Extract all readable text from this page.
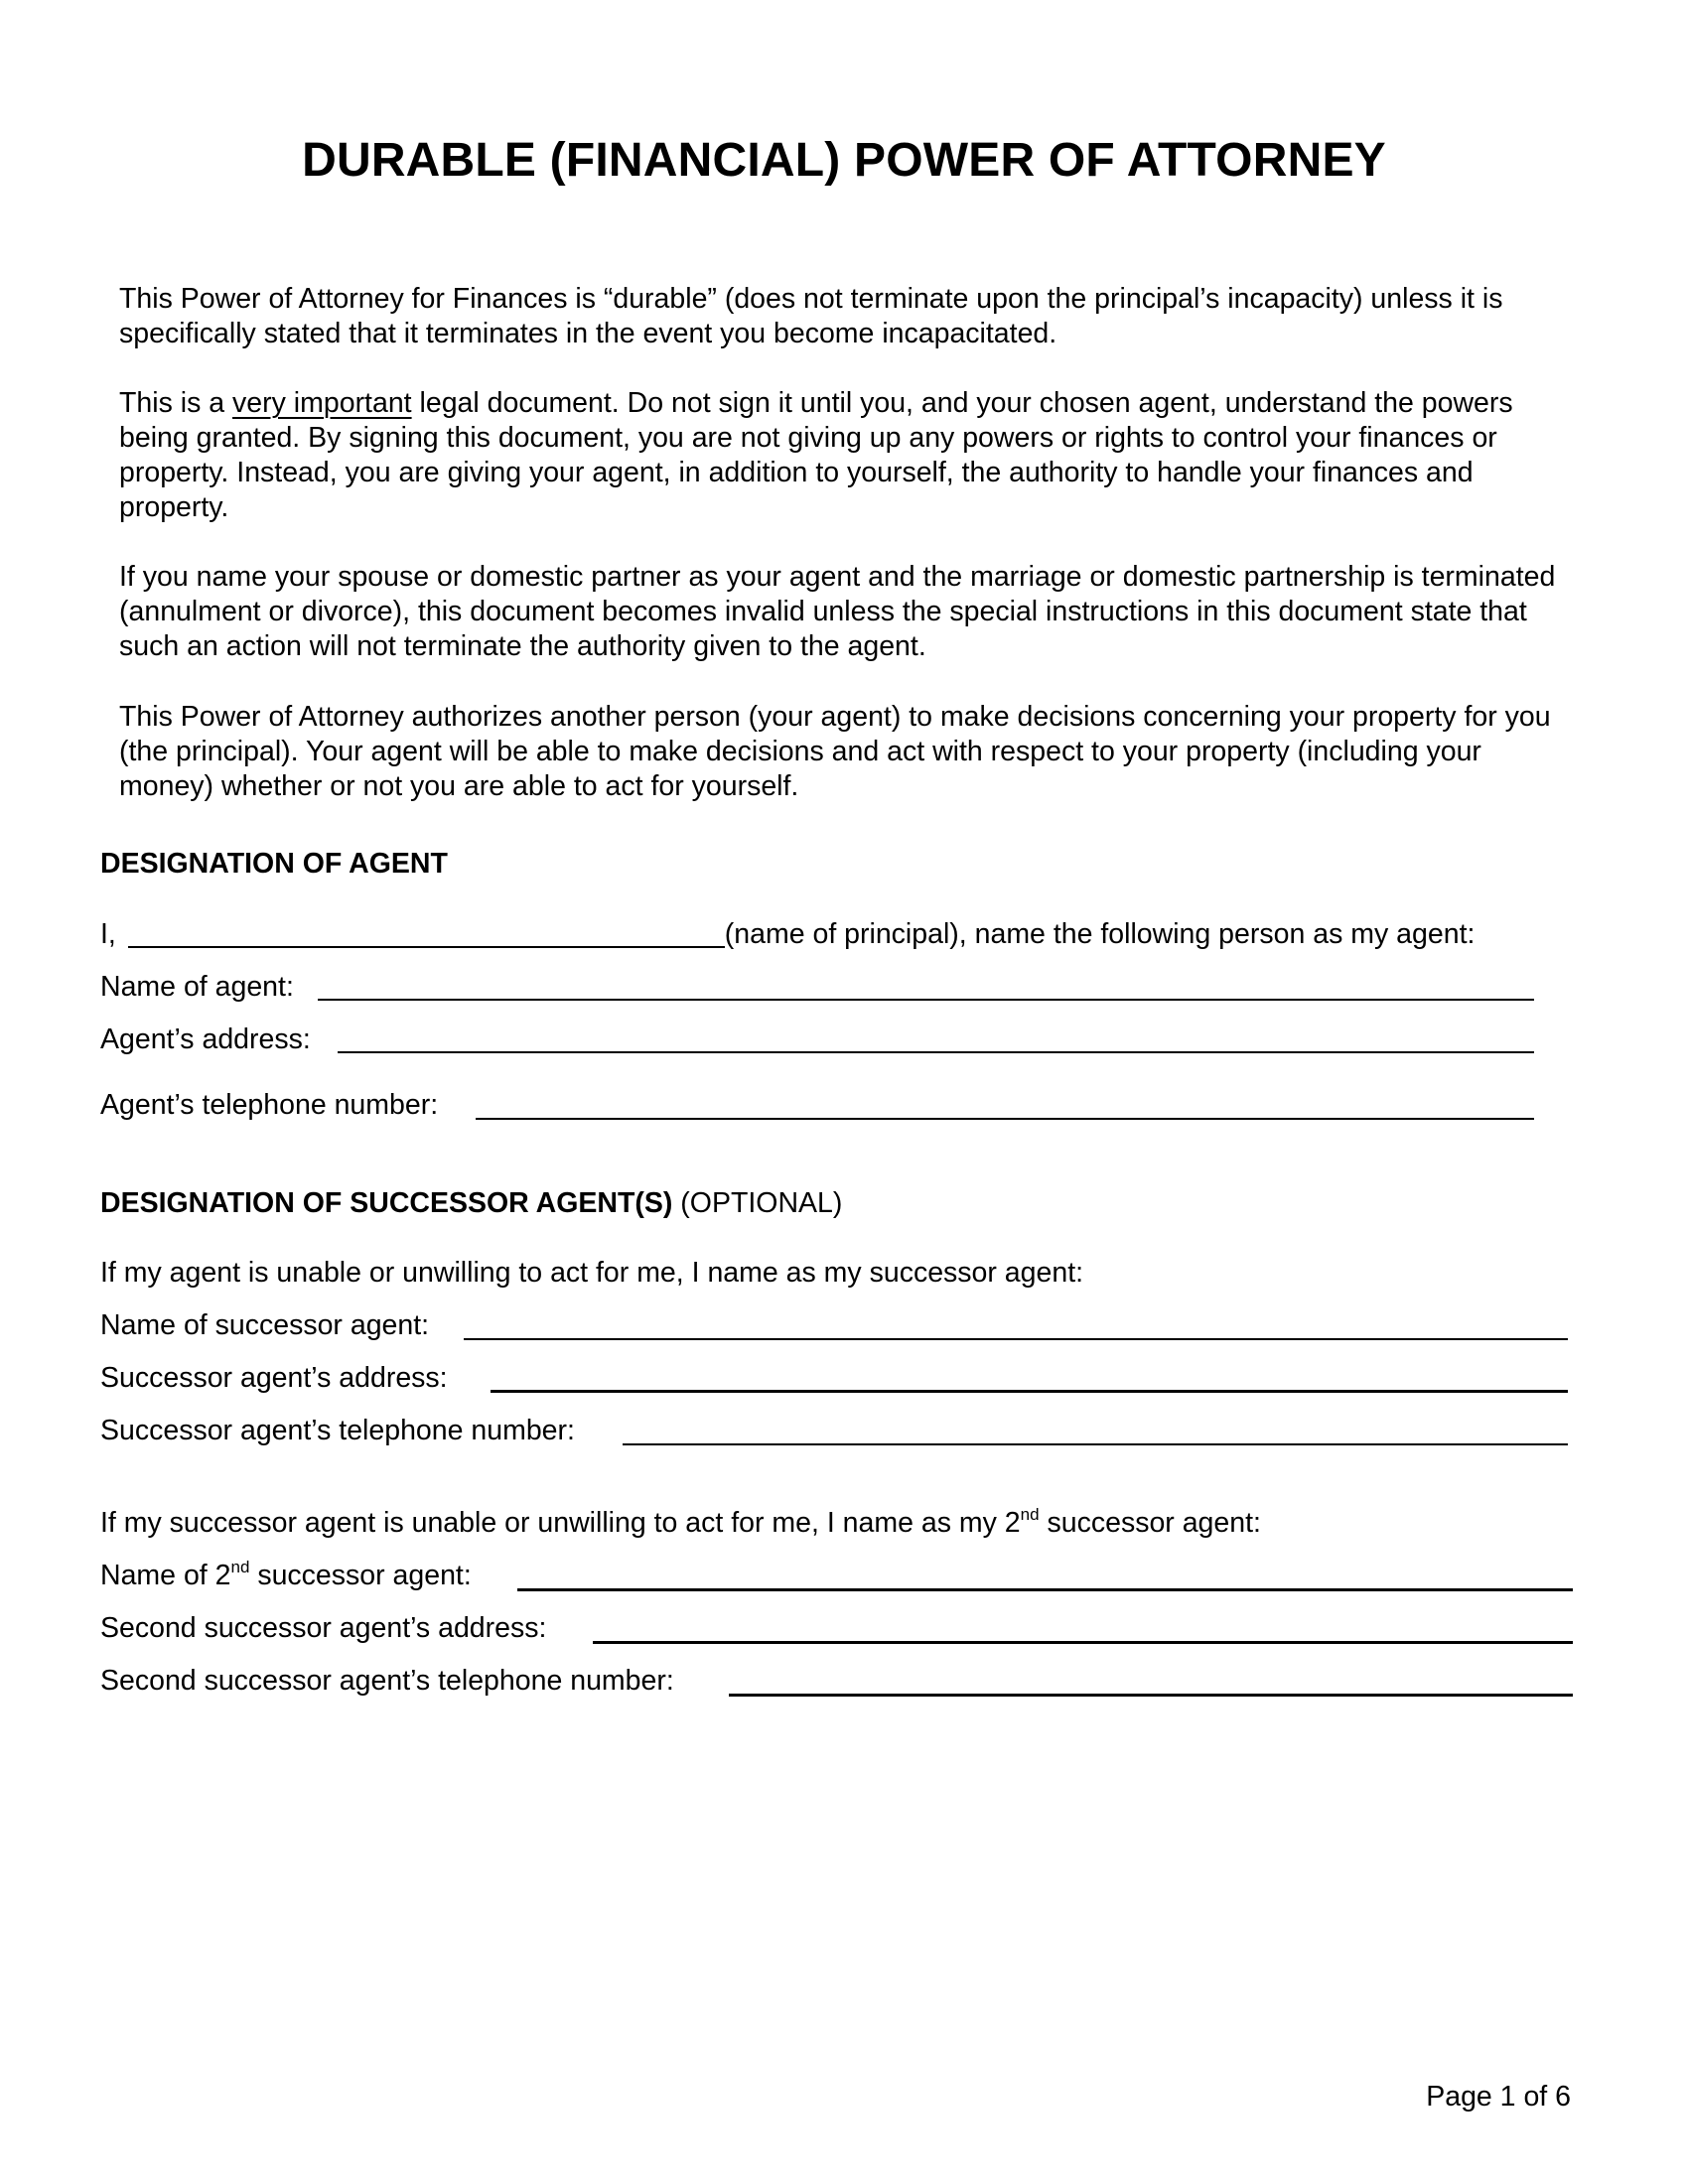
DURABLE (FINANCIAL) POWER OF ATTORNEY

This Power of Attorney for Finances is “durable” (does not terminate upon the principal’s incapacity) unless it is specifically stated that it terminates in the event you become incapacitated.

This is a very important legal document. Do not sign it until you, and your chosen agent, understand the powers being granted. By signing this document, you are not giving up any powers or rights to control your finances or property. Instead, you are giving your agent, in addition to yourself, the authority to handle your finances and property.

If you name your spouse or domestic partner as your agent and the marriage or domestic partnership is terminated (annulment or divorce), this document becomes invalid unless the special instructions in this document state that such an action will not terminate the authority given to the agent.

This Power of Attorney authorizes another person (your agent) to make decisions concerning your property for you (the principal). Your agent will be able to make decisions and act with respect to your property (including your money) whether or not you are able to act for yourself.

DESIGNATION OF AGENT
I,	(name of principal), name the following person as my agent:
Name of agent:
Agent’s address:
Agent’s telephone number:
DESIGNATION OF SUCCESSOR AGENT(S) (OPTIONAL)
If my agent is unable or unwilling to act for me, I name as my successor agent:
Name of successor agent:
Successor agent’s address:
Successor agent’s telephone number:
If my successor agent is unable or unwilling to act for me, I name as my 2nd successor agent:
Name of 2nd successor agent:
Second successor agent’s address:
Second successor agent’s telephone number:
Page 1 of 6
